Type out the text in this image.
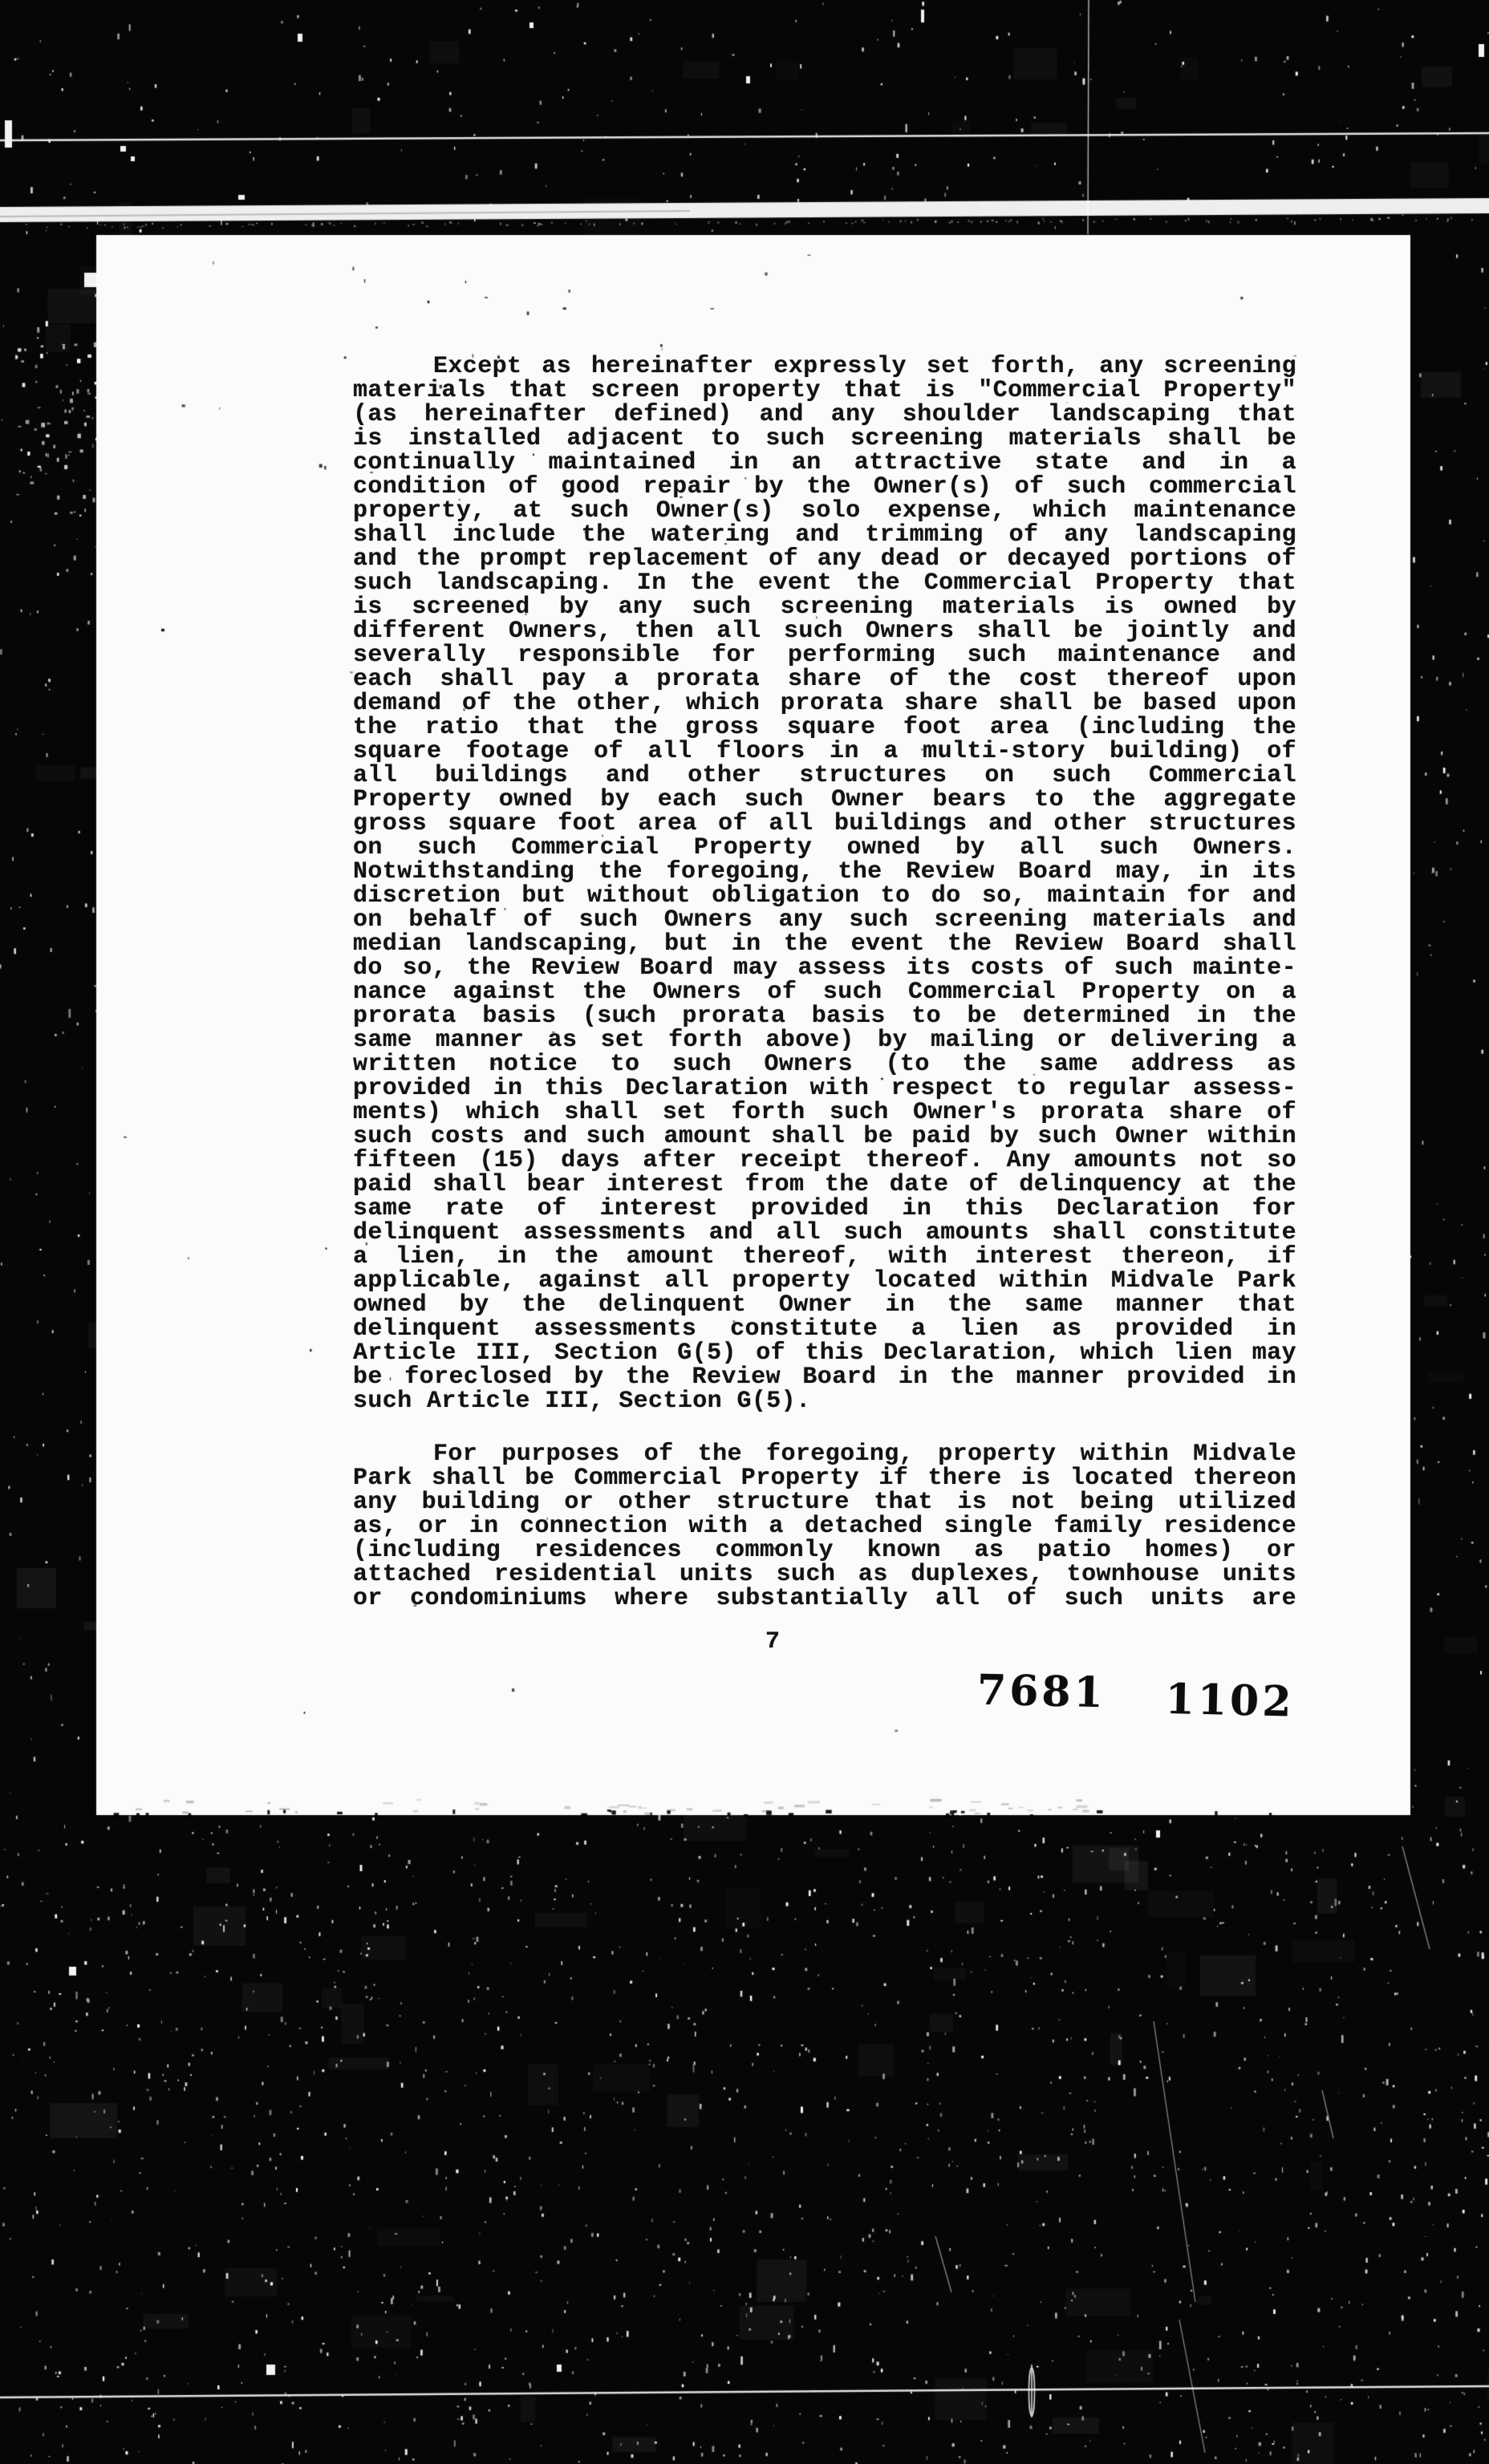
Except as hereinafter expressly set forth, any screening
materials that screen property that is "Commercial Property"
(as hereinafter defined) and any shoulder landscaping that
is installed adjacent to such screening materials shall be
continually maintained in an attractive state and in a
condition of good repair by the Owner(s) of such commercial
property, at such Owner(s) solo expense, which maintenance
shall include the watering and trimming of any landscaping
and the prompt replacement of any dead or decayed portions of
such landscaping. In the event the Commercial Property that
is screened by any such screening materials is owned by
different Owners, then all such Owners shall be jointly and
severally responsible for performing such maintenance and
each shall pay a prorata share of the cost thereof upon
demand of the other, which prorata share shall be based upon
the ratio that the gross square foot area (including the
square footage of all floors in a multi-story building) of
all buildings and other structures on such Commercial
Property owned by each such Owner bears to the aggregate
gross square foot area of all buildings and other structures
on such Commercial Property owned by all such Owners.
Notwithstanding the foregoing, the Review Board may, in its
discretion but without obligation to do so, maintain for and
on behalf of such Owners any such screening materials and
median landscaping, but in the event the Review Board shall
do so, the Review Board may assess its costs of such mainte-
nance against the Owners of such Commercial Property on a
prorata basis (such prorata basis to be determined in the
same manner as set forth above) by mailing or delivering a
written notice to such Owners (to the same address as
provided in this Declaration with respect to regular assess-
ments) which shall set forth such Owner's prorata share of
such costs and such amount shall be paid by such Owner within
fifteen (15) days after receipt thereof. Any amounts not so
paid shall bear interest from the date of delinquency at the
same rate of interest provided in this Declaration for
delinquent assessments and all such amounts shall constitute
a lien, in the amount thereof, with interest thereon, if
applicable, against all property located within Midvale Park
owned by the delinquent Owner in the same manner that
delinquent assessments constitute a lien as provided in
Article III, Section G(5) of this Declaration, which lien may
be foreclosed by the Review Board in the manner provided in
such Article III, Section G(5).
For purposes of the foregoing, property within Midvale
Park shall be Commercial Property if there is located thereon
any building or other structure that is not being utilized
as, or in connection with a detached single family residence
(including residences commonly known as patio homes) or
attached residential units such as duplexes, townhouse units
or condominiums where substantially all of such units are
7
7681 1102
